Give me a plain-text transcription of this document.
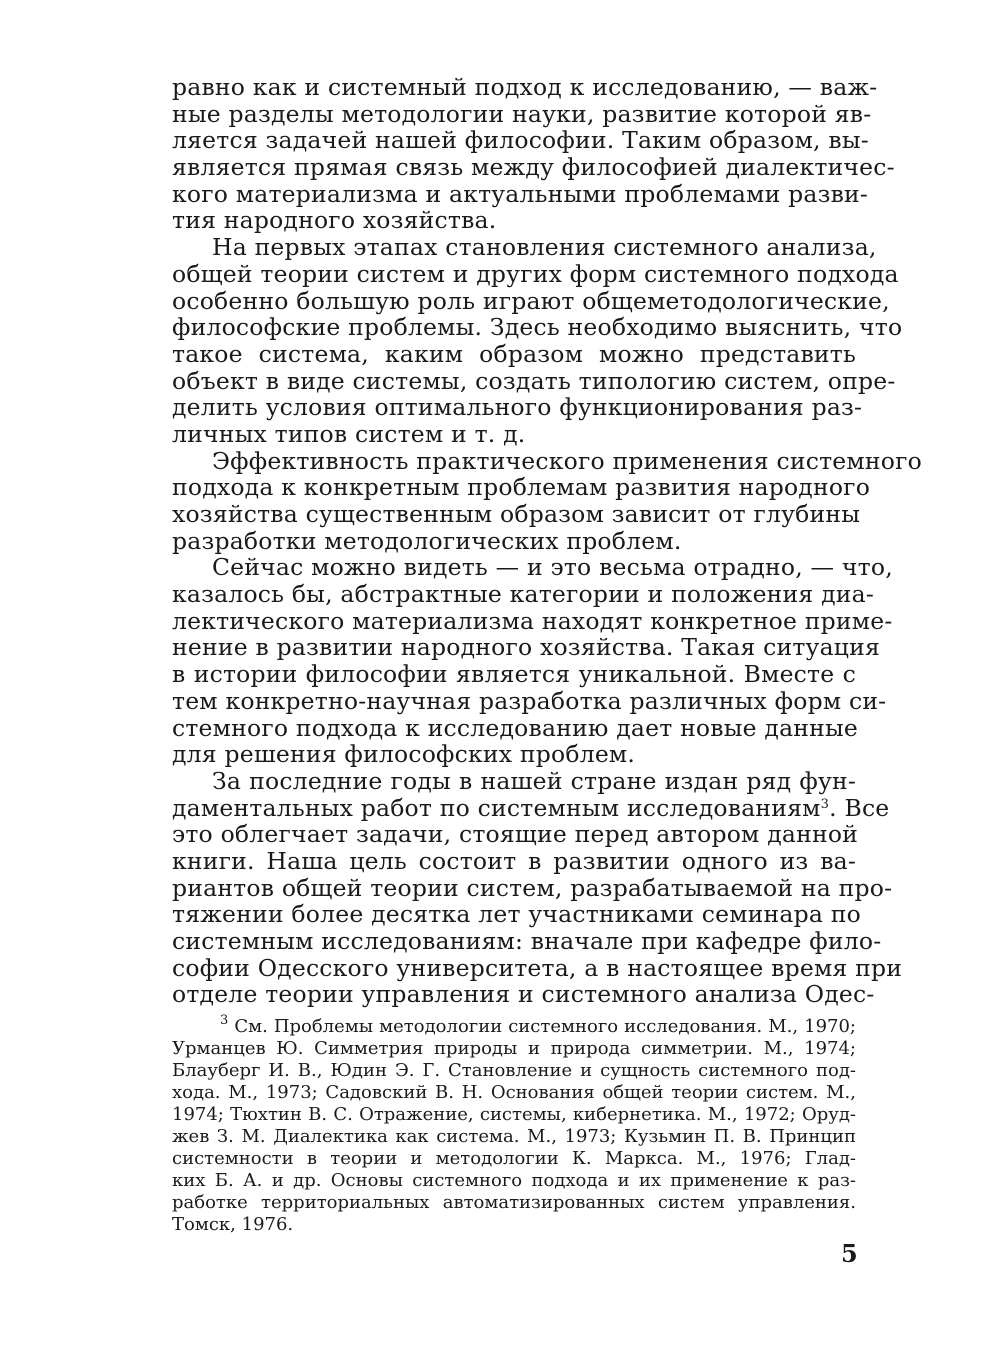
равно как и системный подход к исследованию, — важ-
ные разделы методологии науки, развитие которой яв-
ляется задачей нашей философии. Таким образом, вы-
является прямая связь между философией диалектичес-
кого материализма и актуальными проблемами разви-
тия народного хозяйства.
На первых этапах становления системного анализа,
общей теории систем и других форм системного подхода
особенно большую роль играют общеметодологические,
философские проблемы. Здесь необходимо выяснить, что
такое система, каким образом можно представить
объект в виде системы, создать типологию систем, опре-
делить условия оптимального функционирования раз-
личных типов систем и т. д.
Эффективность практического применения системного
подхода к конкретным проблемам развития народного
хозяйства существенным образом зависит от глубины
разработки методологических проблем.
Сейчас можно видеть — и это весьма отрадно, — что,
казалось бы, абстрактные категории и положения диа-
лектического материализма находят конкретное приме-
нение в развитии народного хозяйства. Такая ситуация
в истории философии является уникальной. Вместе с
тем конкретно-научная разработка различных форм си-
стемного подхода к исследованию дает новые данные
для решения философских проблем.
За последние годы в нашей стране издан ряд фун-
даментальных работ по системным исследованиям$^3$. Все
это облегчает задачи, стоящие перед автором данной
книги. Наша цель состоит в развитии одного из ва-
риантов общей теории систем, разрабатываемой на про-
тяжении более десятка лет участниками семинара по
системным исследованиям: вначале при кафедре фило-
софии Одесского университета, а в настоящее время при
отделе теории управления и системного анализа Одес-
$^3$ См. Проблемы методологии системного исследования. М., 1970;
Урманцев Ю. Симметрия природы и природа симметрии. М., 1974;
Блауберг И. В., Юдин Э. Г. Становление и сущность системного под-
хода. М., 1973; Садовский В. Н. Основания общей теории систем. М.,
1974; Тюхтин В. С. Отражение, системы, кибернетика. М., 1972; Оруд-
жев З. М. Диалектика как система. М., 1973; Кузьмин П. В. Принцип
системности в теории и методологии К. Маркса. М., 1976; Глад-
ких Б. А. и др. Основы системного подхода и их применение к раз-
работке территориальных автоматизированных систем управления.
Томск, 1976.
5
